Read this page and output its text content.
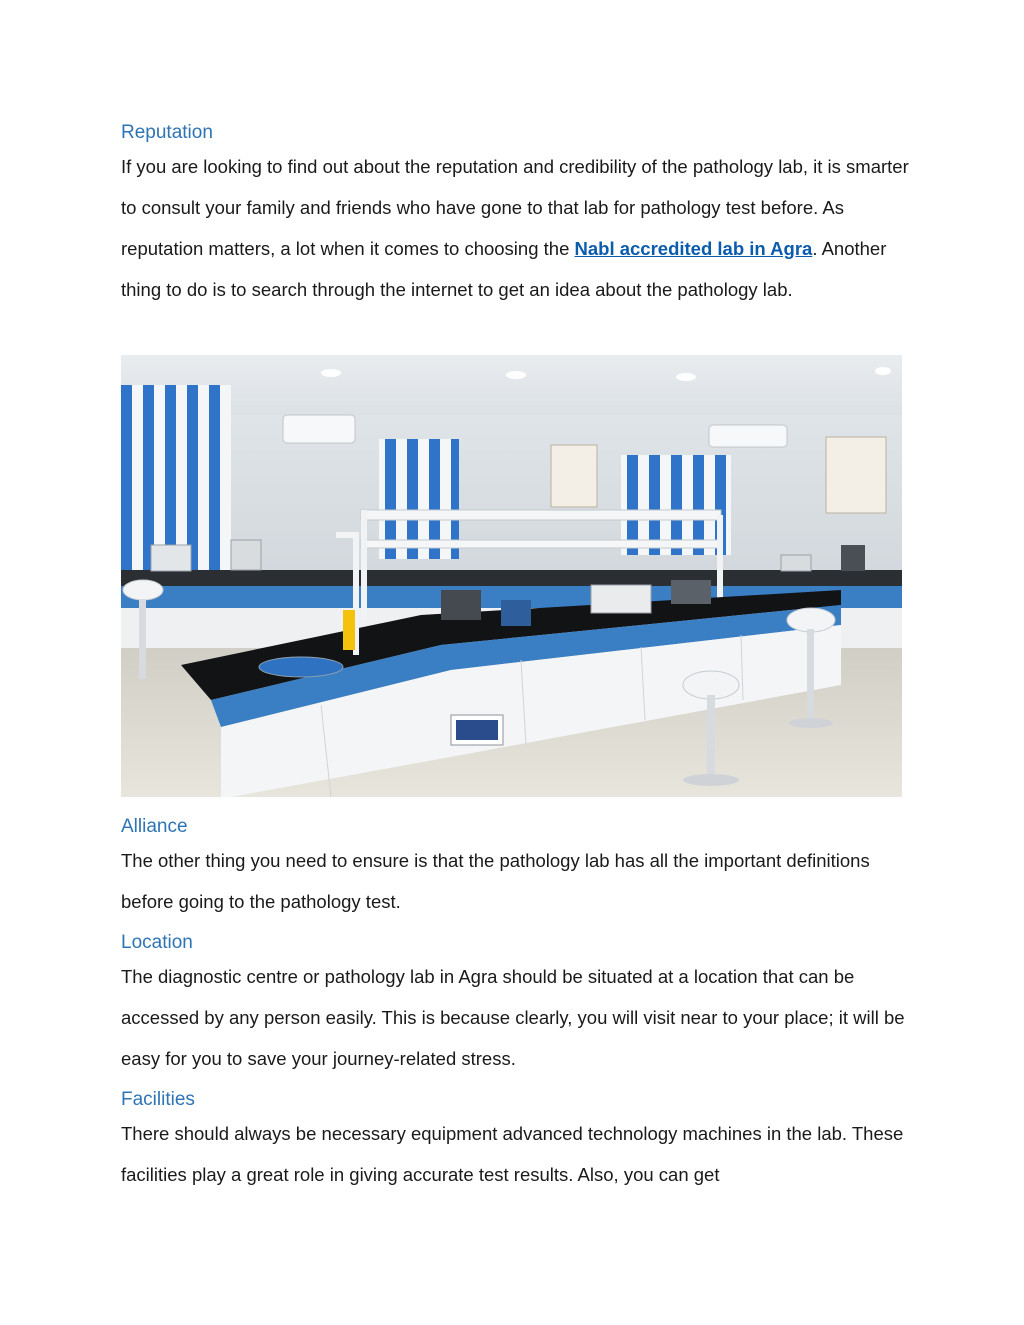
Reputation

If you are looking to find out about the reputation and credibility of the pathology lab, it is smarter to consult your family and friends who have gone to that lab for pathology test before. As reputation matters, a lot when it comes to choosing the Nabl accredited lab in Agra. Another thing to do is to search through the internet to get an idea about the pathology lab.

Alliance

The other thing you need to ensure is that the pathology lab has all the important definitions before going to the pathology test.

Location

The diagnostic centre or pathology lab in Agra should be situated at a location that can be accessed by any person easily. This is because clearly, you will visit near to your place; it will be easy for you to save your journey-related stress.

Facilities

There should always be necessary equipment advanced technology machines in the lab. These facilities play a great role in giving accurate test results. Also, you can get
